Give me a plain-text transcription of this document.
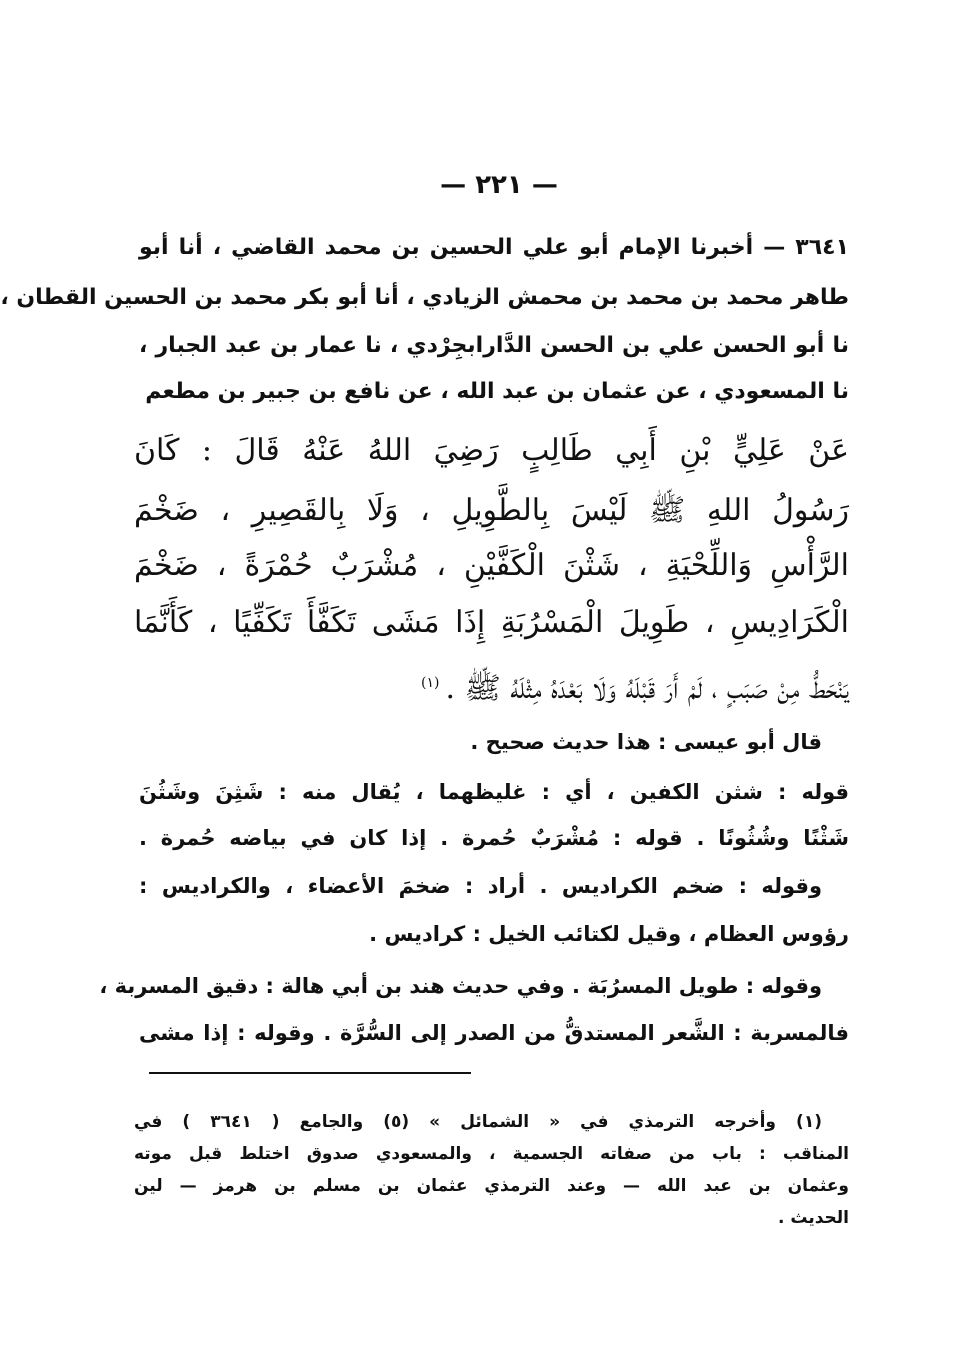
— ٢٢١ —
٣٦٤١ — أخبرنا الإمام أبو علي الحسين بن محمد القاضي ، أنا أبو
طاهر محمد بن محمد بن محمش الزيادي ، أنا أبو بكر محمد بن الحسين القطان ،
نا أبو الحسن علي بن الحسن الدَّارابجِرْدي ، نا عمار بن عبد الجبار ،
نا المسعودي ، عن عثمان بن عبد الله ، عن نافع بن جبير بن مطعم
عَنْ عَلِيٍّ بْنِ أَبِي طَالِبٍ رَضِيَ اللهُ عَنْهُ قَالَ : كَانَ
رَسُولُ اللهِ ﷺ لَيْسَ بِالطَّوِيلِ ، وَلَا بِالقَصِيرِ ، ضَخْمَ
الرَّأْسِ وَاللِّحْيَةِ ، شَثْنَ الْكَفَّيْنِ ، مُشْرَبٌ حُمْرَةً ، ضَخْمَ
الْكَرَادِيسِ ، طَوِيلَ الْمَسْرُبَةِ إِذَا مَشَى تَكَفَّأَ تَكَفِّيًا ، كَأَنَّمَا
يَنْحَطُّ مِنْ صَبَبٍ ، لَمْ أَرَ قَبْلَهُ وَلَا بَعْدَهُ مِثْلَهُ ﷺ .$^{(١)}$
قال أبو عيسى : هذا حديث صحيح .
قوله : شثن الكفين ، أي : غليظهما ، يُقال منه : شَثِنَ وشَثُنَ
شَثْنًا وشُثُونًا . قوله : مُشْرَبٌ حُمرة . إذا كان في بياضه حُمرة .
وقوله : ضخم الكراديس . أراد : ضخمَ الأعضاء ، والكراديس :
رؤوس العظام ، وقيل لكتائب الخيل : كراديس .
وقوله : طويل المسرُبَة . وفي حديث هند بن أبي هالة : دقيق المسربة ،
فالمسربة : الشَّعر المستدقُّ من الصدر إلى السُّرَّة . وقوله : إذا مشى
(١) وأخرجه الترمذي في « الشمائل » (٥) والجامع ( ٣٦٤١ ) في
المناقب : باب من صفاته الجسمية ، والمسعودي صدوق اختلط قبل موته
وعثمان بن عبد الله — وعند الترمذي عثمان بن مسلم بن هرمز — لين
الحديث .
